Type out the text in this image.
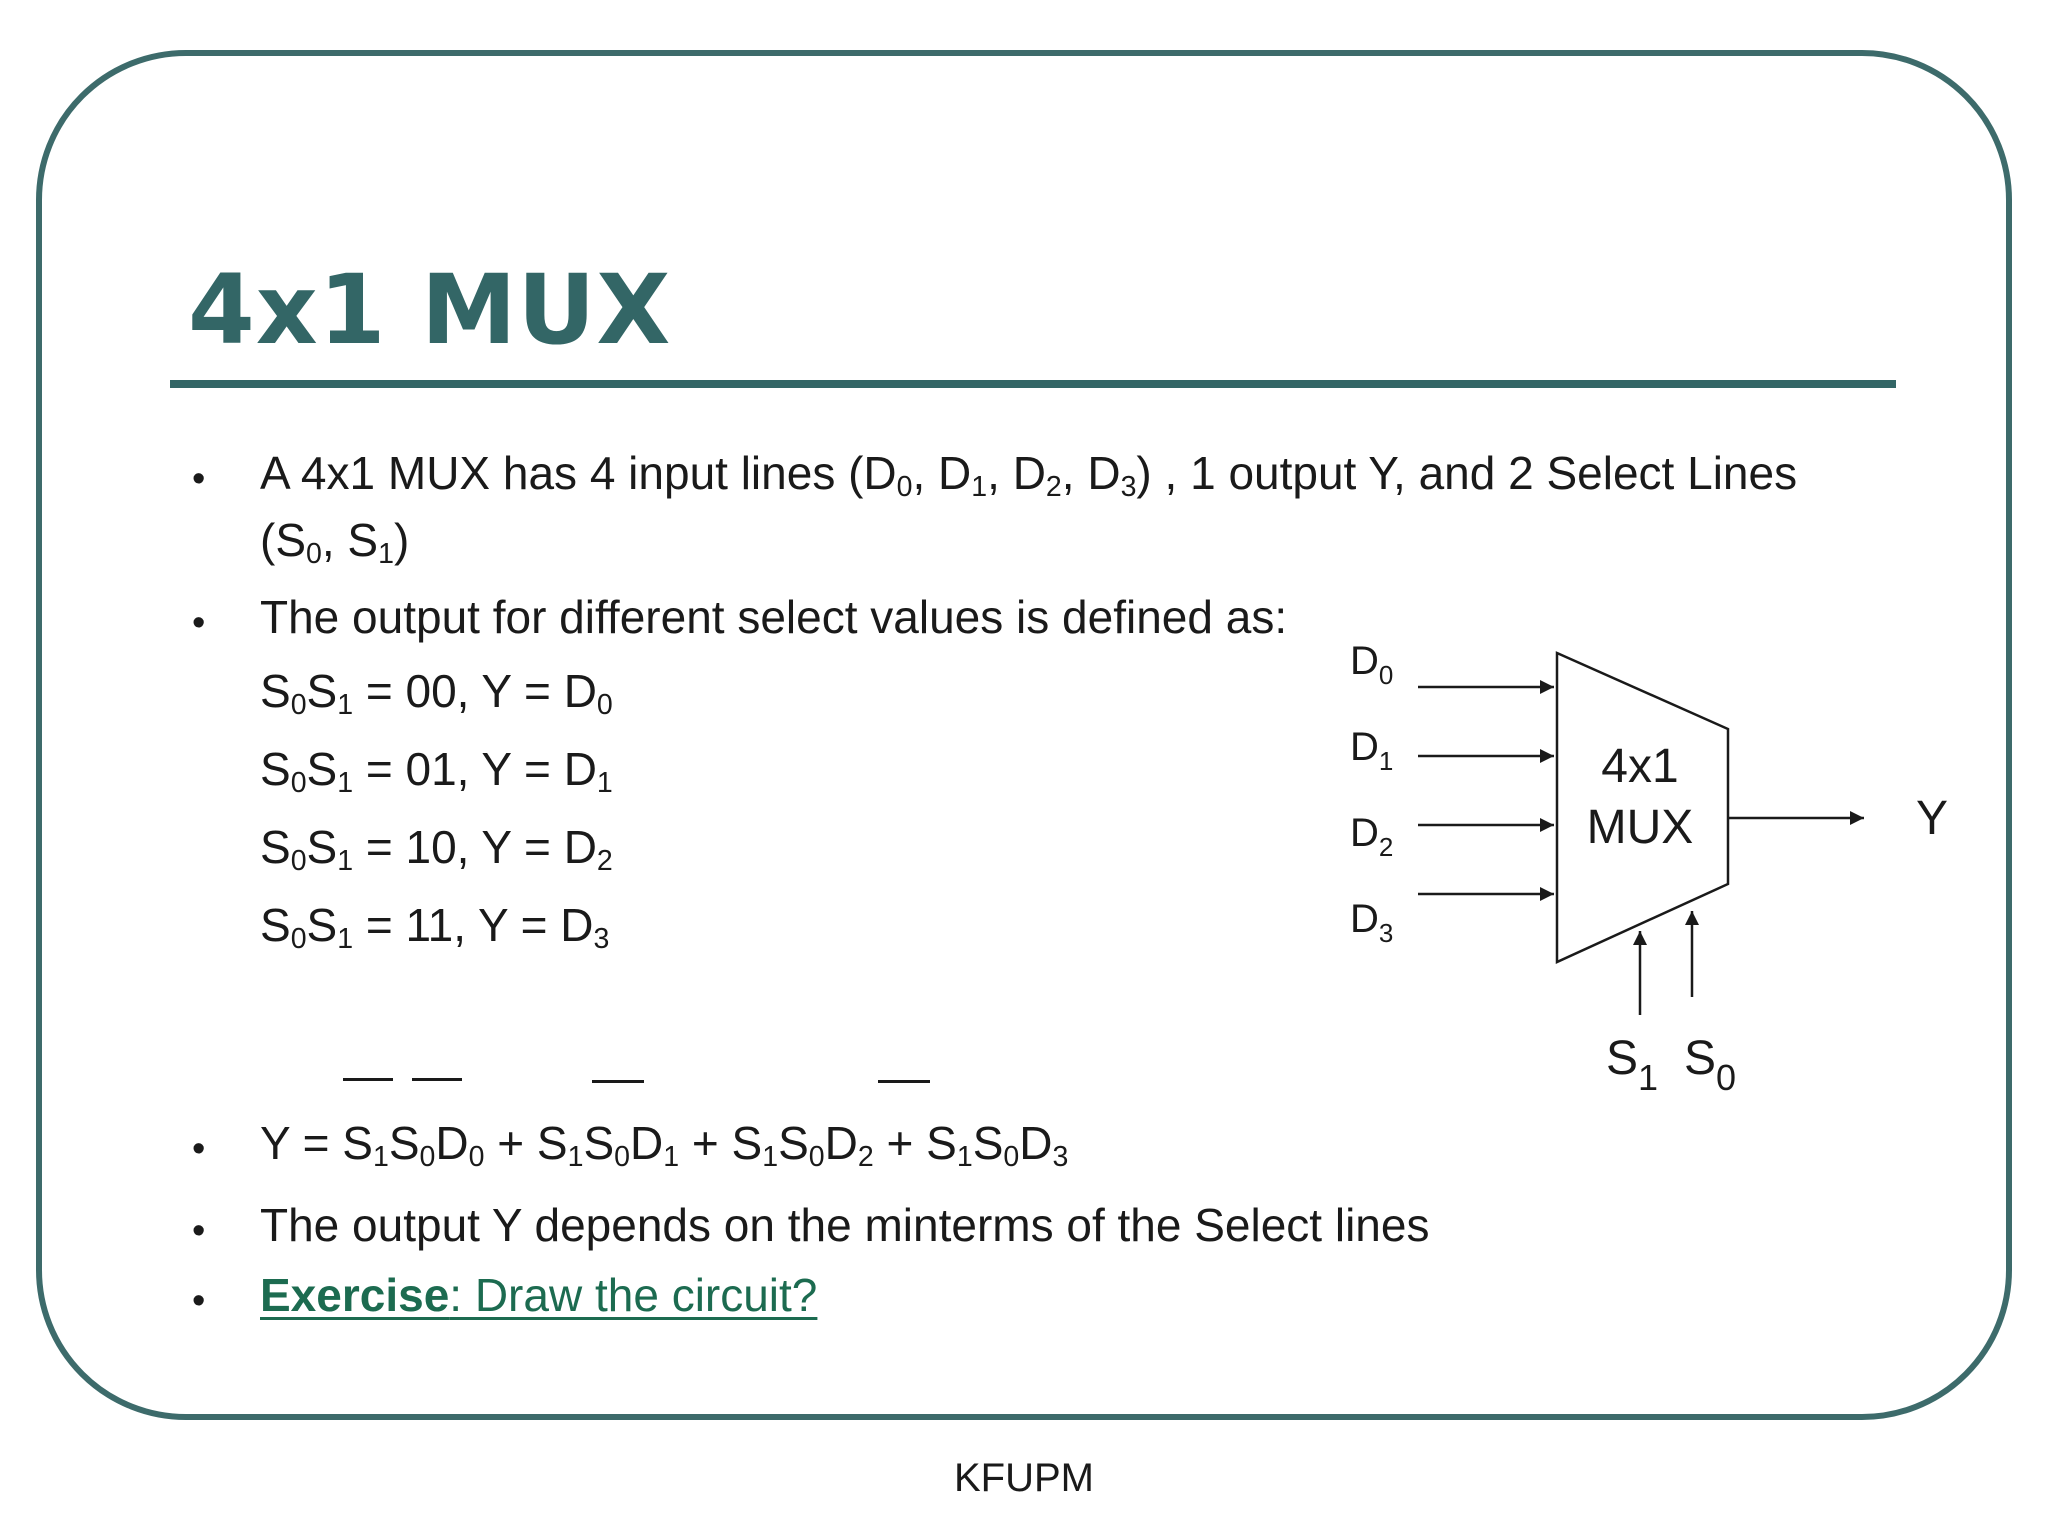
4x1 MUX
• A 4x1 MUX has 4 input lines ($D_0$, $D_1$, $D_2$, $D_3$) , 1 output Y, and 2 Select Lines
($S_0$, $S_1$)
• The output for different select values is defined as:
$S_0S_1 = 00$, $Y = D_0$
$S_0S_1 = 01$, $Y = D_1$
$S_0S_1 = 10$, $Y = D_2$
$S_0S_1 = 11$, $Y = D_3$
• $Y = S_1S_0D_0 + S_1S_0D_1 + S_1S_0D_2 + S_1S_0D_3$
• The output Y depends on the minterms of the Select lines
• Exercise: Draw the circuit?
4x1
MUX
$D_0$
$D_1$
$D_2$
$D_3$
Y
$S_1$ $S_0$
KFUPM
